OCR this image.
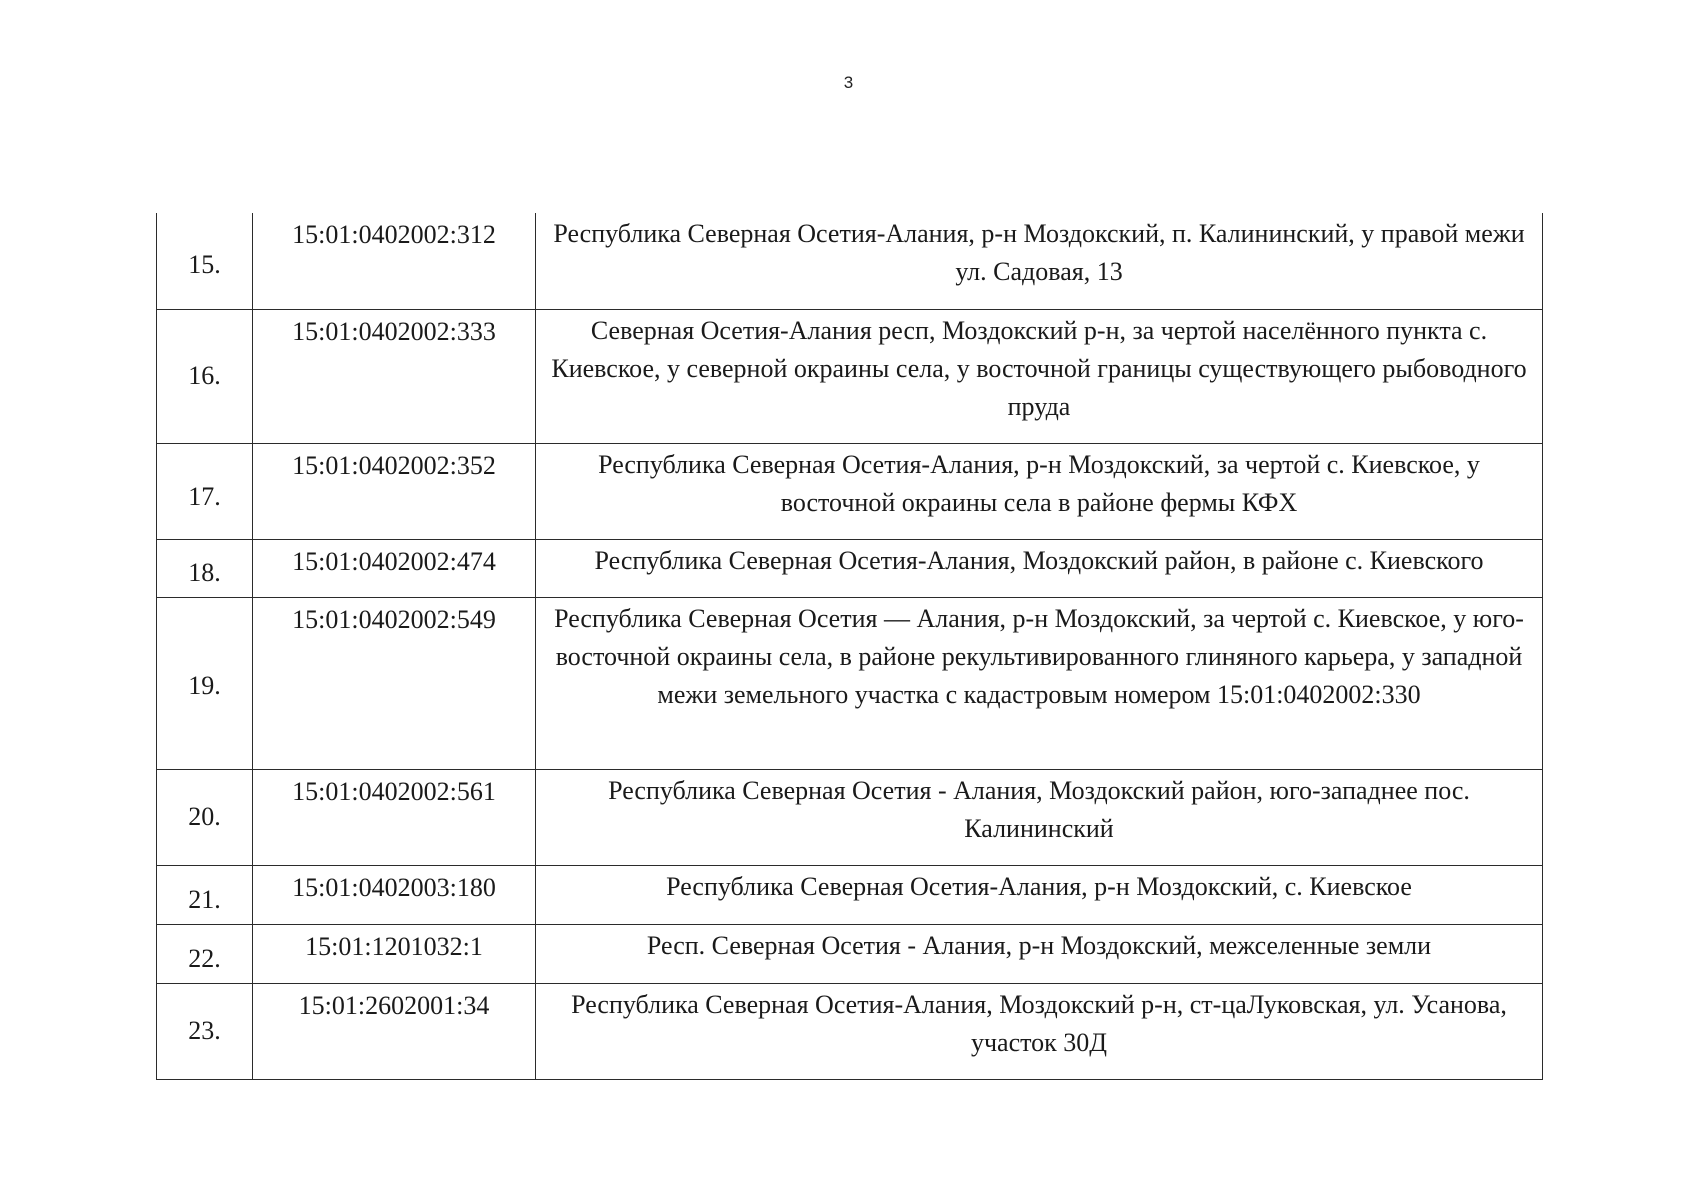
3
15.	15:01:0402002:312	Республика Северная Осетия-Алания, р-н Моздокский, п. Калининский, у правой межи ул. Садовая, 13
16.	15:01:0402002:333	Северная Осетия-Алания респ, Моздокский р-н, за чертой населённого пункта с. Киевское, у северной окраины села, у восточной границы существующего рыбоводного пруда
17.	15:01:0402002:352	Республика Северная Осетия-Алания, р-н Моздокский, за чертой с. Киевское, у восточной окраины села в районе фермы КФХ
18.	15:01:0402002:474	Республика Северная Осетия-Алания, Моздокский район, в районе с. Киевского
19.	15:01:0402002:549	Республика Северная Осетия — Алания, р-н Моздокский, за чертой с. Киевское, у юго-восточной окраины села, в районе рекультивированного глиняного карьера, у западной межи земельного участка с кадастровым номером 15:01:0402002:330
20.	15:01:0402002:561	Республика Северная Осетия - Алания, Моздокский район, юго-западнее пос. Калининский
21.	15:01:0402003:180	Республика Северная Осетия-Алания, р-н Моздокский, с. Киевское
22.	15:01:1201032:1	Респ. Северная Осетия - Алания, р-н Моздокский, межселенные земли
23.	15:01:2602001:34	Республика Северная Осетия-Алания, Моздокский р-н, ст-цаЛуковская, ул. Усанова, участок 30Д
